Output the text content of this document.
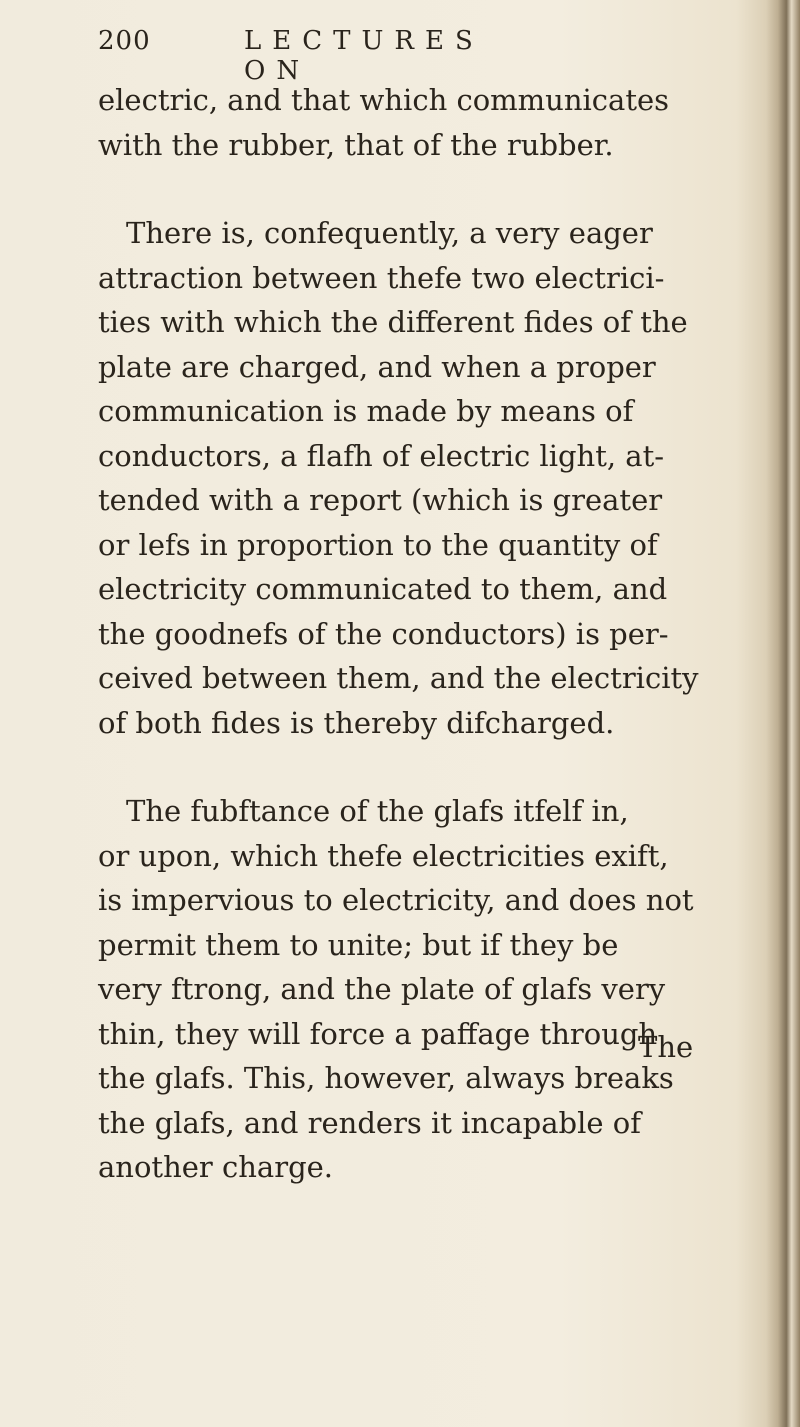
200	LECTURES ON
electric, and that which communicates
with the rubber, that of the rubber.
There is, confequently, a very eager
attraction between thefe two electrici-
ties with which the different fides of the
plate are charged, and when a proper
communication is made by means of
conductors, a flafh of electric light, at-
tended with a report (which is greater
or lefs in proportion to the quantity of
electricity communicated to them, and
the goodnefs of the conductors) is per-
ceived between them, and the electricity
of both fides is thereby difcharged.
The fubftance of the glafs itfelf in,
or upon, which thefe electricities exift,
is impervious to electricity, and does not
permit them to unite; but if they be
very ftrong, and the plate of glafs very
thin, they will force a paffage through
the glafs. This, however, always breaks
the glafs, and renders it incapable of
another charge.
The
